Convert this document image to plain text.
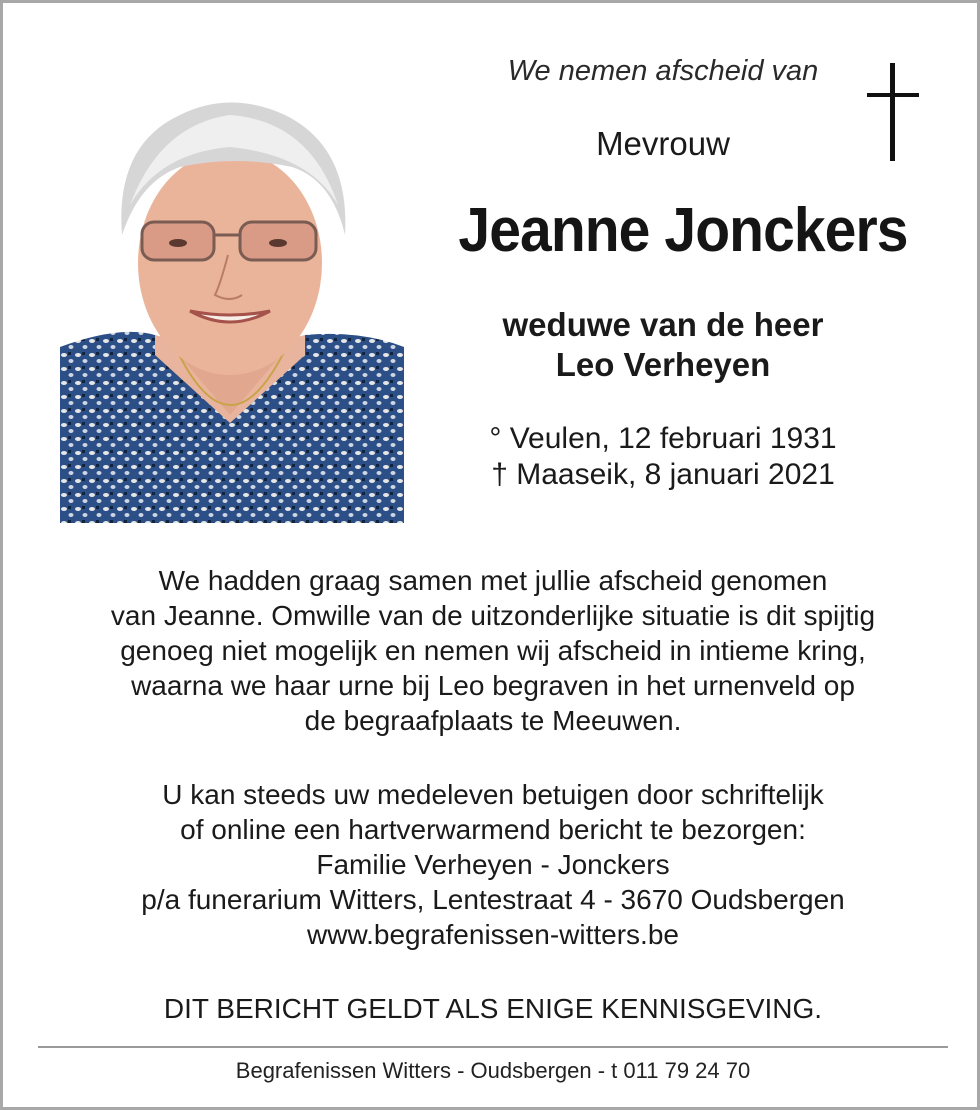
We nemen afscheid van
Mevrouw
Jeanne Jonckers
weduwe van de heer
Leo Verheyen
° Veulen, 12 februari 1931
† Maaseik, 8 januari 2021
We hadden graag samen met jullie afscheid genomen
van Jeanne. Omwille van de uitzonderlijke situatie is dit spijtig
genoeg niet mogelijk en nemen wij afscheid in intieme kring,
waarna we haar urne bij Leo begraven in het urnenveld op
de begraafplaats te Meeuwen.
U kan steeds uw medeleven betuigen door schriftelijk
of online een hartverwarmend bericht te bezorgen:
Familie Verheyen - Jonckers
p/a funerarium Witters, Lentestraat 4 - 3670 Oudsbergen
www.begrafenissen-witters.be
DIT BERICHT GELDT ALS ENIGE KENNISGEVING.
Begrafenissen Witters - Oudsbergen - t 011 79 24 70
